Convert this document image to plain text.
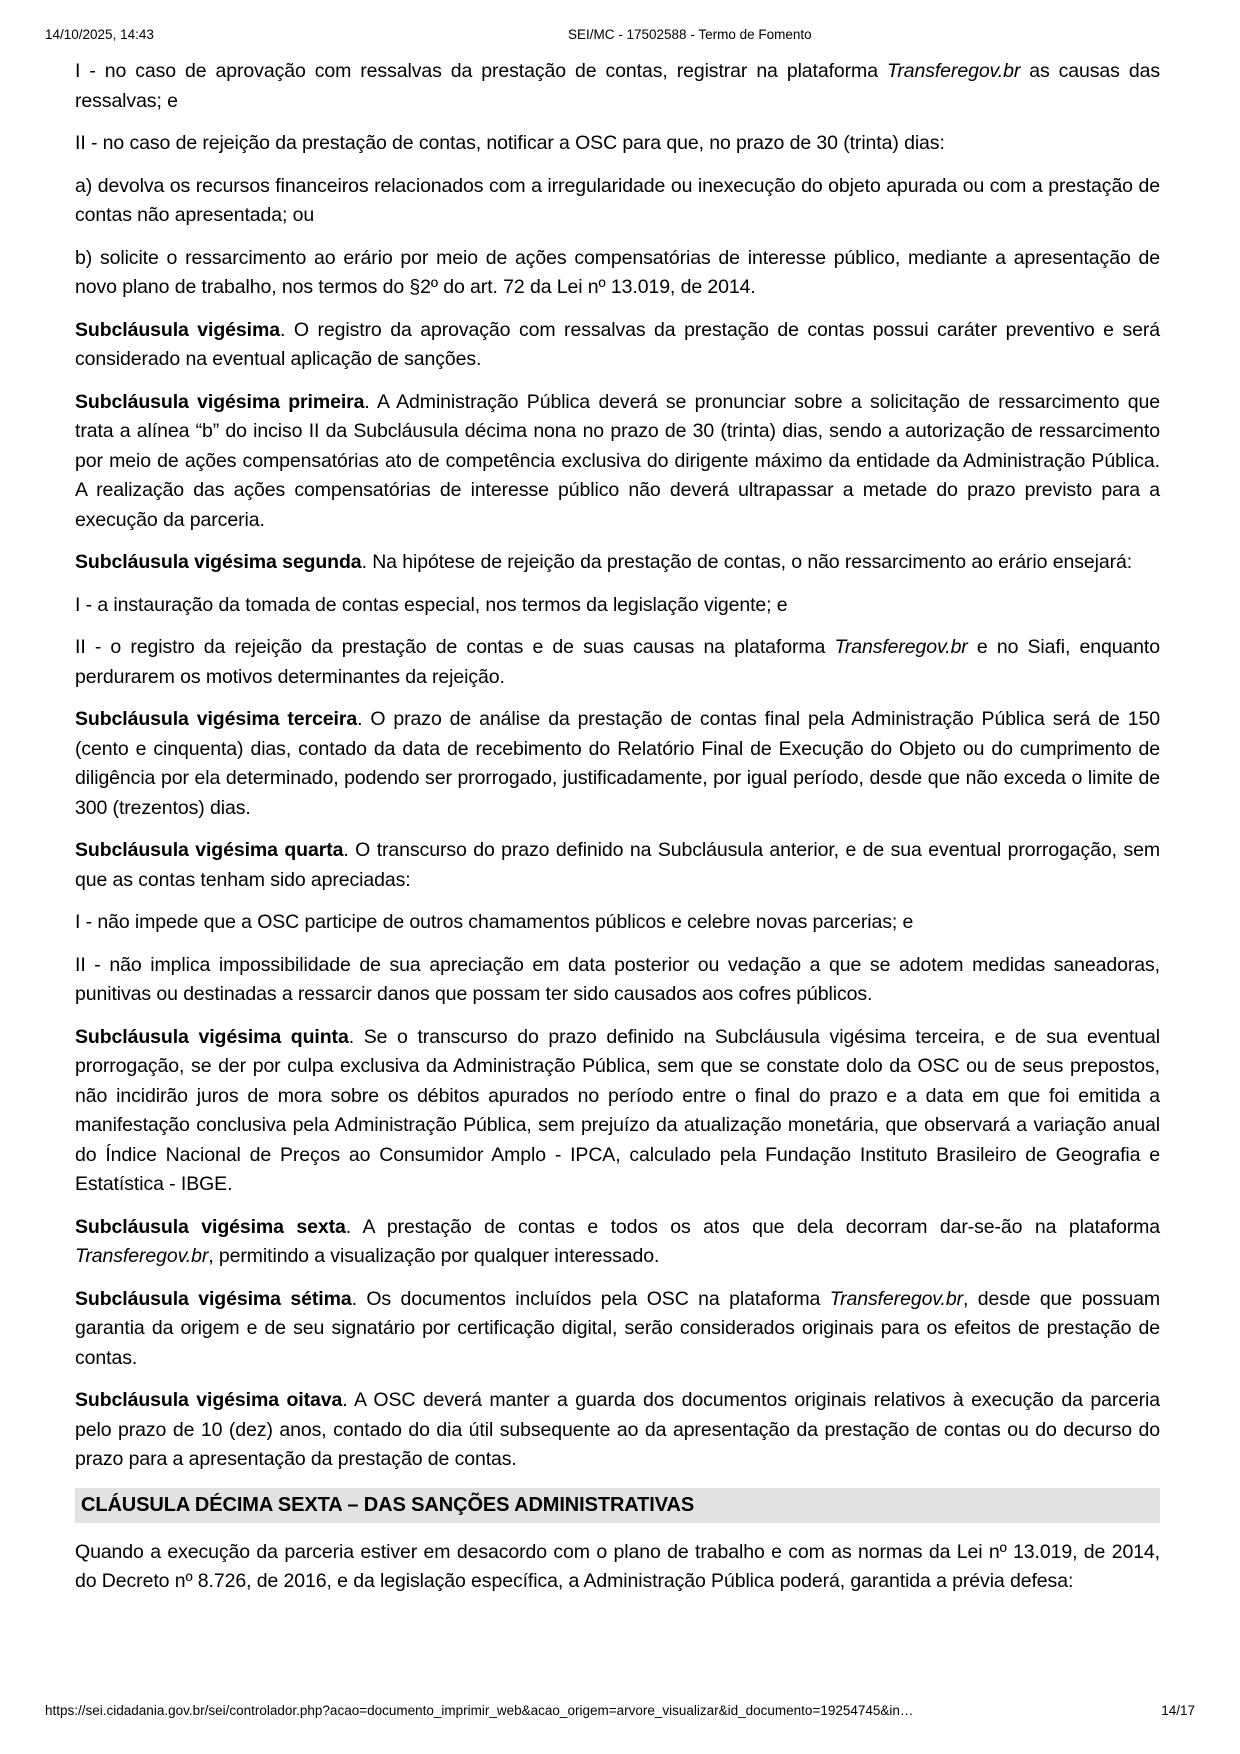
14/10/2025, 14:43	SEI/MC - 17502588 - Termo de Fomento

I - no caso de aprovação com ressalvas da prestação de contas, registrar na plataforma Transferegov.br as causas das ressalvas; e

II - no caso de rejeição da prestação de contas, notificar a OSC para que, no prazo de 30 (trinta) dias:

a) devolva os recursos financeiros relacionados com a irregularidade ou inexecução do objeto apurada ou com a prestação de contas não apresentada; ou

b) solicite o ressarcimento ao erário por meio de ações compensatórias de interesse público, mediante a apresentação de novo plano de trabalho, nos termos do §2º do art. 72 da Lei nº 13.019, de 2014.

Subcláusula vigésima. O registro da aprovação com ressalvas da prestação de contas possui caráter preventivo e será considerado na eventual aplicação de sanções.

Subcláusula vigésima primeira. A Administração Pública deverá se pronunciar sobre a solicitação de ressarcimento que trata a alínea “b” do inciso II da Subcláusula décima nona no prazo de 30 (trinta) dias, sendo a autorização de ressarcimento por meio de ações compensatórias ato de competência exclusiva do dirigente máximo da entidade da Administração Pública. A realização das ações compensatórias de interesse público não deverá ultrapassar a metade do prazo previsto para a execução da parceria.

Subcláusula vigésima segunda. Na hipótese de rejeição da prestação de contas, o não ressarcimento ao erário ensejará:

I - a instauração da tomada de contas especial, nos termos da legislação vigente; e

II - o registro da rejeição da prestação de contas e de suas causas na plataforma Transferegov.br e no Siafi, enquanto perdurarem os motivos determinantes da rejeição.

Subcláusula vigésima terceira. O prazo de análise da prestação de contas final pela Administração Pública será de 150 (cento e cinquenta) dias, contado da data de recebimento do Relatório Final de Execução do Objeto ou do cumprimento de diligência por ela determinado, podendo ser prorrogado, justificadamente, por igual período, desde que não exceda o limite de 300 (trezentos) dias.

Subcláusula vigésima quarta. O transcurso do prazo definido na Subcláusula anterior, e de sua eventual prorrogação, sem que as contas tenham sido apreciadas:

I - não impede que a OSC participe de outros chamamentos públicos e celebre novas parcerias; e

II - não implica impossibilidade de sua apreciação em data posterior ou vedação a que se adotem medidas saneadoras, punitivas ou destinadas a ressarcir danos que possam ter sido causados aos cofres públicos.

Subcláusula vigésima quinta. Se o transcurso do prazo definido na Subcláusula vigésima terceira, e de sua eventual prorrogação, se der por culpa exclusiva da Administração Pública, sem que se constate dolo da OSC ou de seus prepostos, não incidirão juros de mora sobre os débitos apurados no período entre o final do prazo e a data em que foi emitida a manifestação conclusiva pela Administração Pública, sem prejuízo da atualização monetária, que observará a variação anual do Índice Nacional de Preços ao Consumidor Amplo - IPCA, calculado pela Fundação Instituto Brasileiro de Geografia e Estatística - IBGE.

Subcláusula vigésima sexta. A prestação de contas e todos os atos que dela decorram dar-se-ão na plataforma Transferegov.br, permitindo a visualização por qualquer interessado.

Subcláusula vigésima sétima. Os documentos incluídos pela OSC na plataforma Transferegov.br, desde que possuam garantia da origem e de seu signatário por certificação digital, serão considerados originais para os efeitos de prestação de contas.

Subcláusula vigésima oitava. A OSC deverá manter a guarda dos documentos originais relativos à execução da parceria pelo prazo de 10 (dez) anos, contado do dia útil subsequente ao da apresentação da prestação de contas ou do decurso do prazo para a apresentação da prestação de contas.

CLÁUSULA DÉCIMA SEXTA – DAS SANÇÕES ADMINISTRATIVAS

Quando a execução da parceria estiver em desacordo com o plano de trabalho e com as normas da Lei nº 13.019, de 2014, do Decreto nº 8.726, de 2016, e da legislação específica, a Administração Pública poderá, garantida a prévia defesa:

https://sei.cidadania.gov.br/sei/controlador.php?acao=documento_imprimir_web&acao_origem=arvore_visualizar&id_documento=19254745&in…	14/17
